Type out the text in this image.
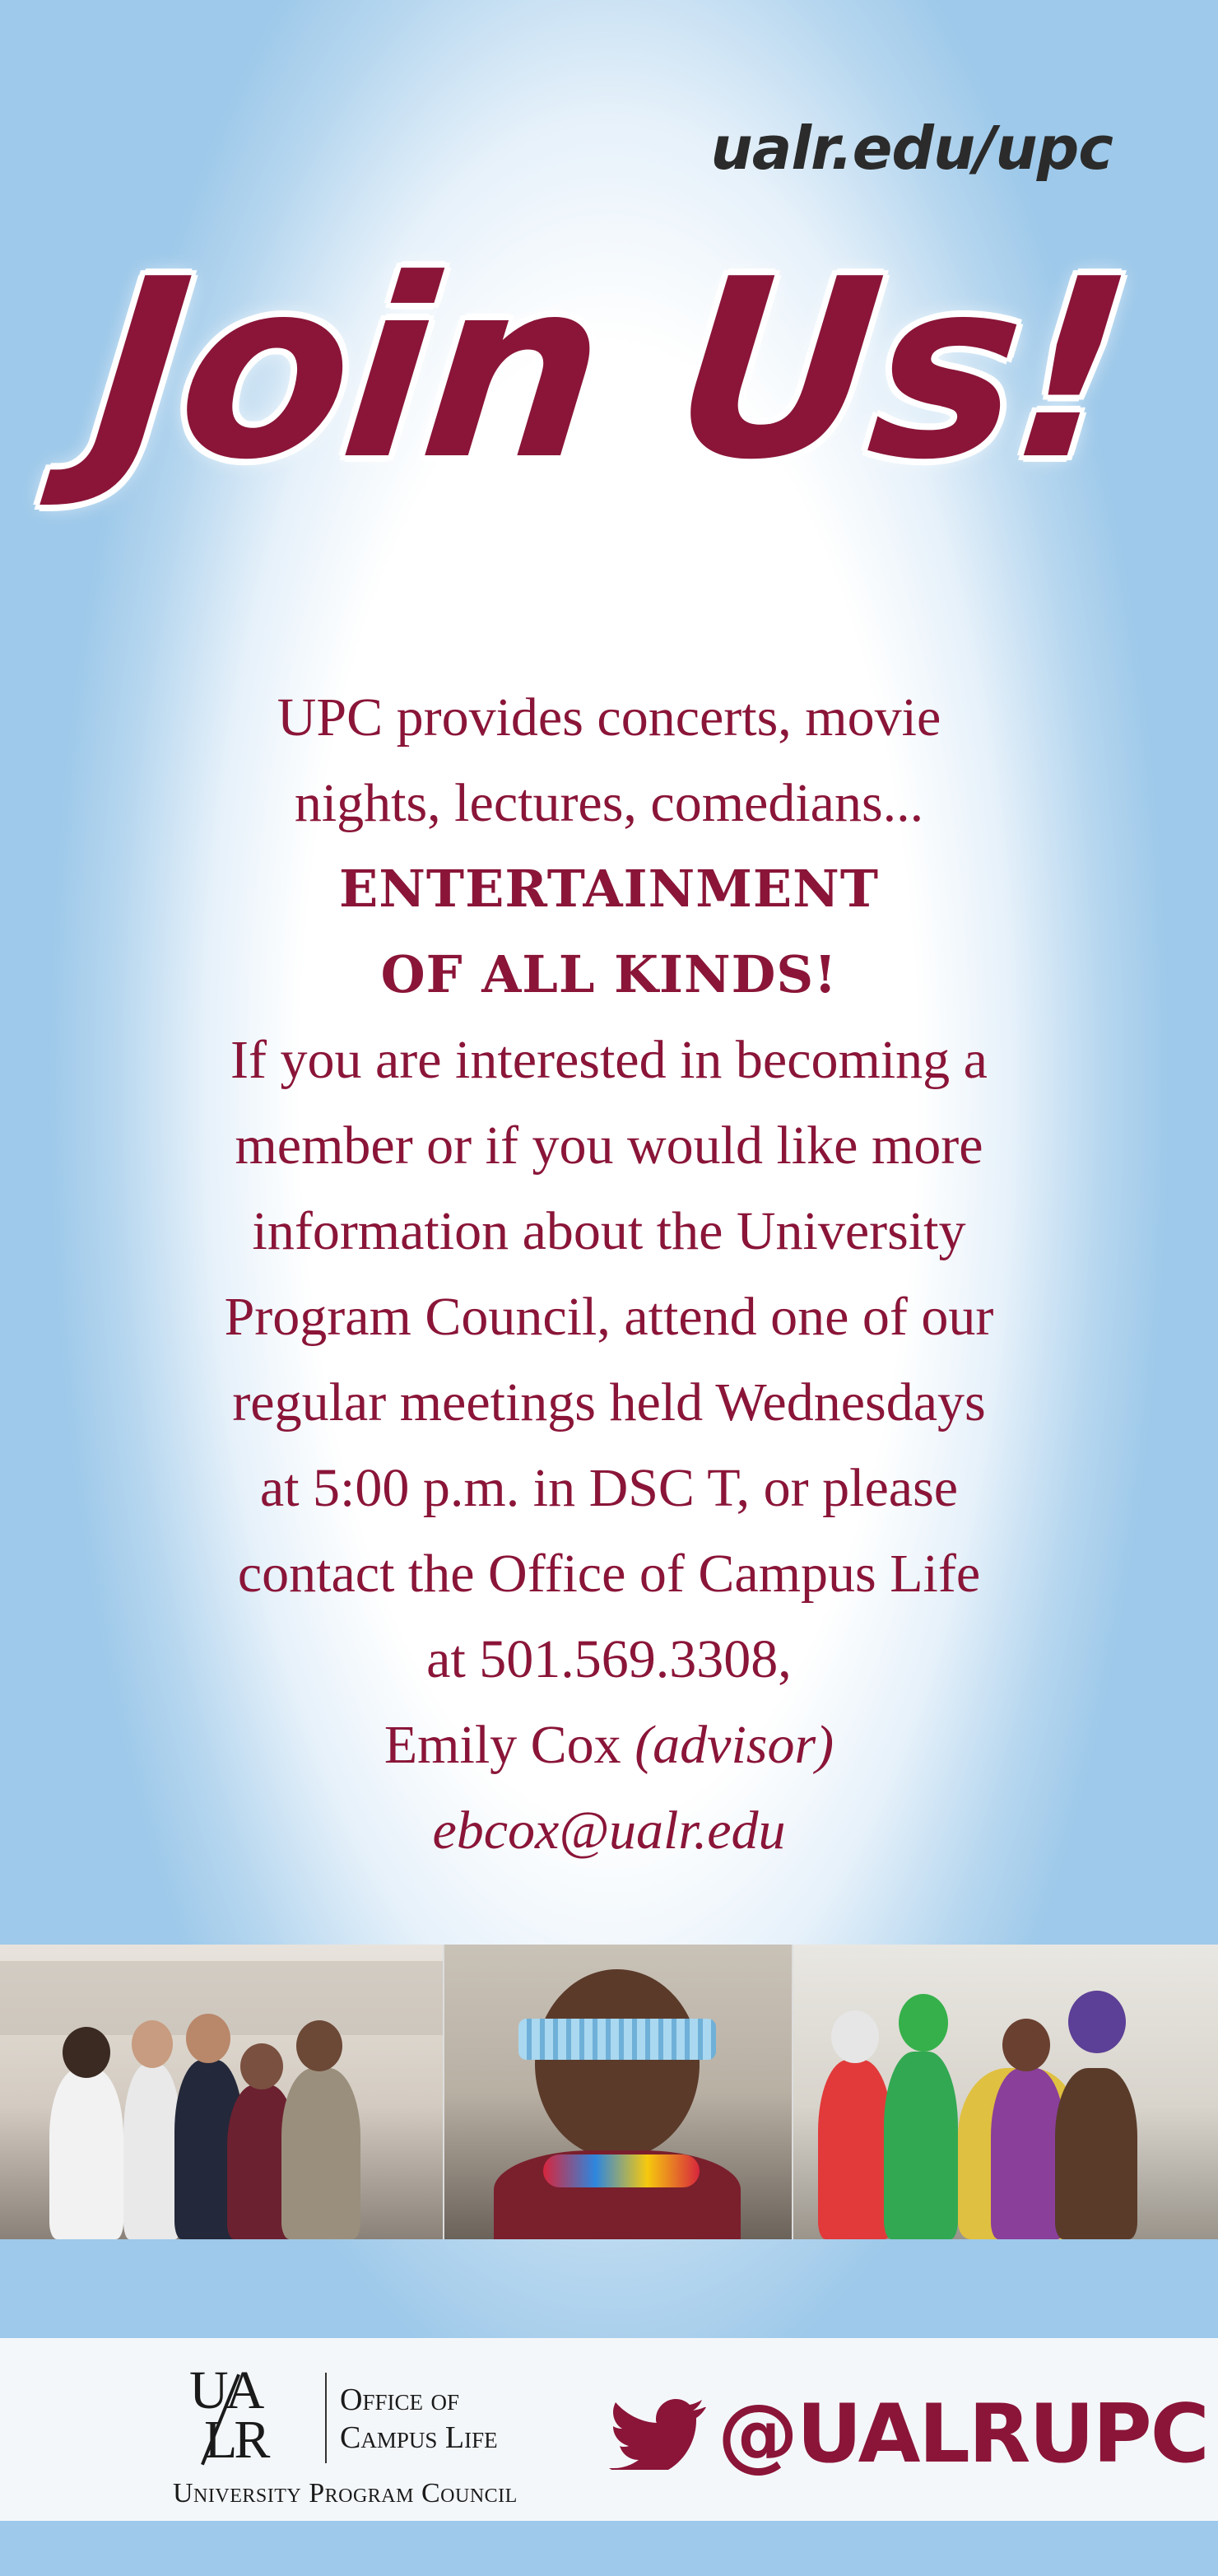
ualr.edu/upc
Join Us!
UPC provides concerts, movie
nights, lectures, comedians...
ENTERTAINMENT
OF ALL KINDS!
If you are interested in becoming a
member or if you would like more
information about the University
Program Council, attend one of our
regular meetings held Wednesdays
at 5:00 p.m. in DSC T, or please
contact the Office of Campus Life
at 501.569.3308,
Emily Cox (advisor)
ebcox@ualr.edu
UA
LR
Office of
Campus Life
University Program Council
@UALRUPC
